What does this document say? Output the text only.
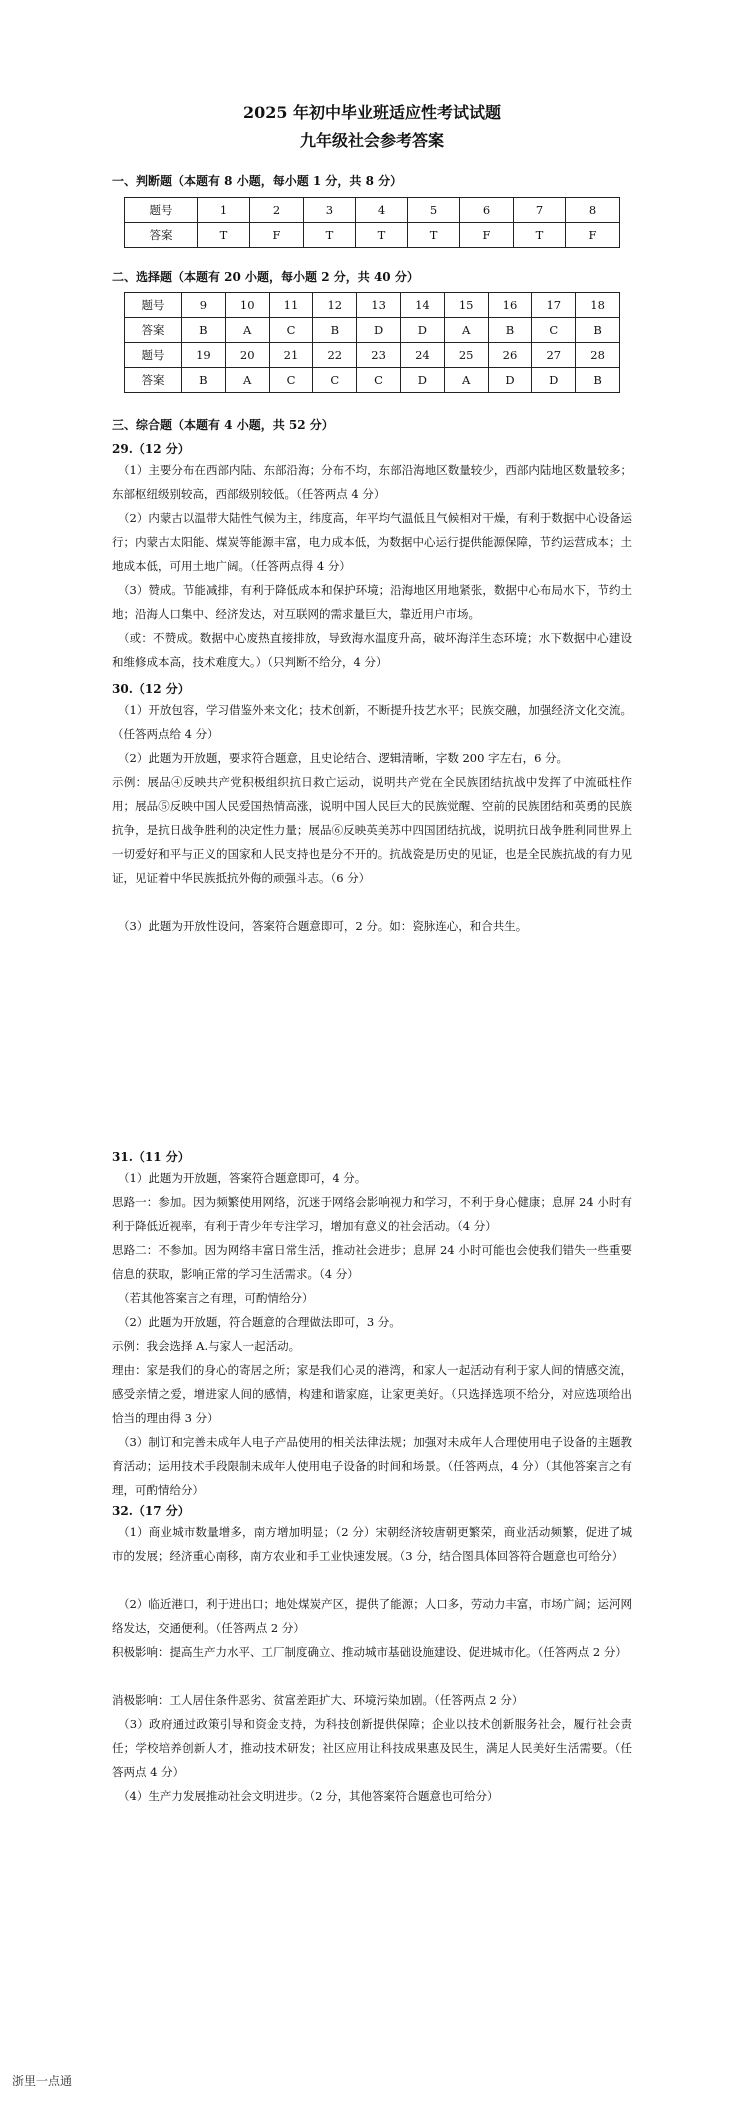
2025 年初中毕业班适应性考试试题
九年级社会参考答案
一、判断题（本题有 8 小题，每小题 1 分，共 8 分）
题号	1	2	3	4	5	6	7	8
答案	T	F	T	T	T	F	T	F
二、选择题（本题有 20 小题，每小题 2 分，共 40 分）
题号	9	10	11	12	13	14	15	16	17	18
答案	B	A	C	B	D	D	A	B	C	B
题号	19	20	21	22	23	24	25	26	27	28
答案	B	A	C	C	C	D	A	D	D	B
三、综合题（本题有 4 小题，共 52 分）
29.（12 分）
（1）主要分布在西部内陆、东部沿海；分布不均，东部沿海地区数量较少，西部内陆地区数量较多；东部枢纽级别较高，西部级别较低。（任答两点 4 分）
（2）内蒙古以温带大陆性气候为主，纬度高，年平均气温低且气候相对干燥，有利于数据中心设备运行；内蒙古太阳能、煤炭等能源丰富，电力成本低，为数据中心运行提供能源保障，节约运营成本；土地成本低，可用土地广阔。（任答两点得 4 分）
（3）赞成。节能减排，有利于降低成本和保护环境；沿海地区用地紧张，数据中心布局水下，节约土地；沿海人口集中、经济发达，对互联网的需求量巨大，靠近用户市场。
（或：不赞成。数据中心废热直接排放，导致海水温度升高，破坏海洋生态环境；水下数据中心建设和维修成本高，技术难度大。）（只判断不给分，4 分）
30.（12 分）
（1）开放包容，学习借鉴外来文化；技术创新，不断提升技艺水平；民族交融，加强经济文化交流。（任答两点给 4 分）
（2）此题为开放题，要求符合题意，且史论结合、逻辑清晰，字数 200 字左右，6 分。
示例：展品④反映共产党积极组织抗日救亡运动，说明共产党在全民族团结抗战中发挥了中流砥柱作用；展品⑤反映中国人民爱国热情高涨，说明中国人民巨大的民族觉醒、空前的民族团结和英勇的民族抗争，是抗日战争胜利的决定性力量；展品⑥反映英美苏中四国团结抗战，说明抗日战争胜利同世界上一切爱好和平与正义的国家和人民支持也是分不开的。抗战瓷是历史的见证，也是全民族抗战的有力见证，见证着中华民族抵抗外侮的顽强斗志。（6 分）
（3）此题为开放性设问，答案符合题意即可，2 分。如：瓷脉连心，和合共生。
31.（11 分）
（1）此题为开放题，答案符合题意即可，4 分。
思路一：参加。因为频繁使用网络，沉迷于网络会影响视力和学习，不利于身心健康；息屏 24 小时有利于降低近视率，有利于青少年专注学习，增加有意义的社会活动。（4 分）
思路二：不参加。因为网络丰富日常生活，推动社会进步；息屏 24 小时可能也会使我们错失一些重要信息的获取，影响正常的学习生活需求。（4 分）
（若其他答案言之有理，可酌情给分）
（2）此题为开放题，符合题意的合理做法即可，3 分。
示例：我会选择 A.与家人一起活动。
理由：家是我们的身心的寄居之所；家是我们心灵的港湾，和家人一起活动有利于家人间的情感交流，感受亲情之爱，增进家人间的感情，构建和谐家庭，让家更美好。（只选择选项不给分，对应选项给出恰当的理由得 3 分）
（3）制订和完善未成年人电子产品使用的相关法律法规；加强对未成年人合理使用电子设备的主题教育活动；运用技术手段限制未成年人使用电子设备的时间和场景。（任答两点，4 分）（其他答案言之有理，可酌情给分）
32.（17 分）
（1）商业城市数量增多，南方增加明显；（2 分）宋朝经济较唐朝更繁荣，商业活动频繁，促进了城市的发展；经济重心南移，南方农业和手工业快速发展。（3 分，结合图具体回答符合题意也可给分）
（2）临近港口，利于进出口；地处煤炭产区，提供了能源；人口多，劳动力丰富，市场广阔；运河网络发达，交通便利。（任答两点 2 分）
积极影响：提高生产力水平、工厂制度确立、推动城市基础设施建设、促进城市化。（任答两点 2 分）
消极影响：工人居住条件恶劣、贫富差距扩大、环境污染加剧。（任答两点 2 分）
（3）政府通过政策引导和资金支持，为科技创新提供保障；企业以技术创新服务社会，履行社会责任；学校培养创新人才，推动技术研发；社区应用让科技成果惠及民生，满足人民美好生活需要。（任答两点 4 分）
（4）生产力发展推动社会文明进步。（2 分，其他答案符合题意也可给分）
浙里一点通
